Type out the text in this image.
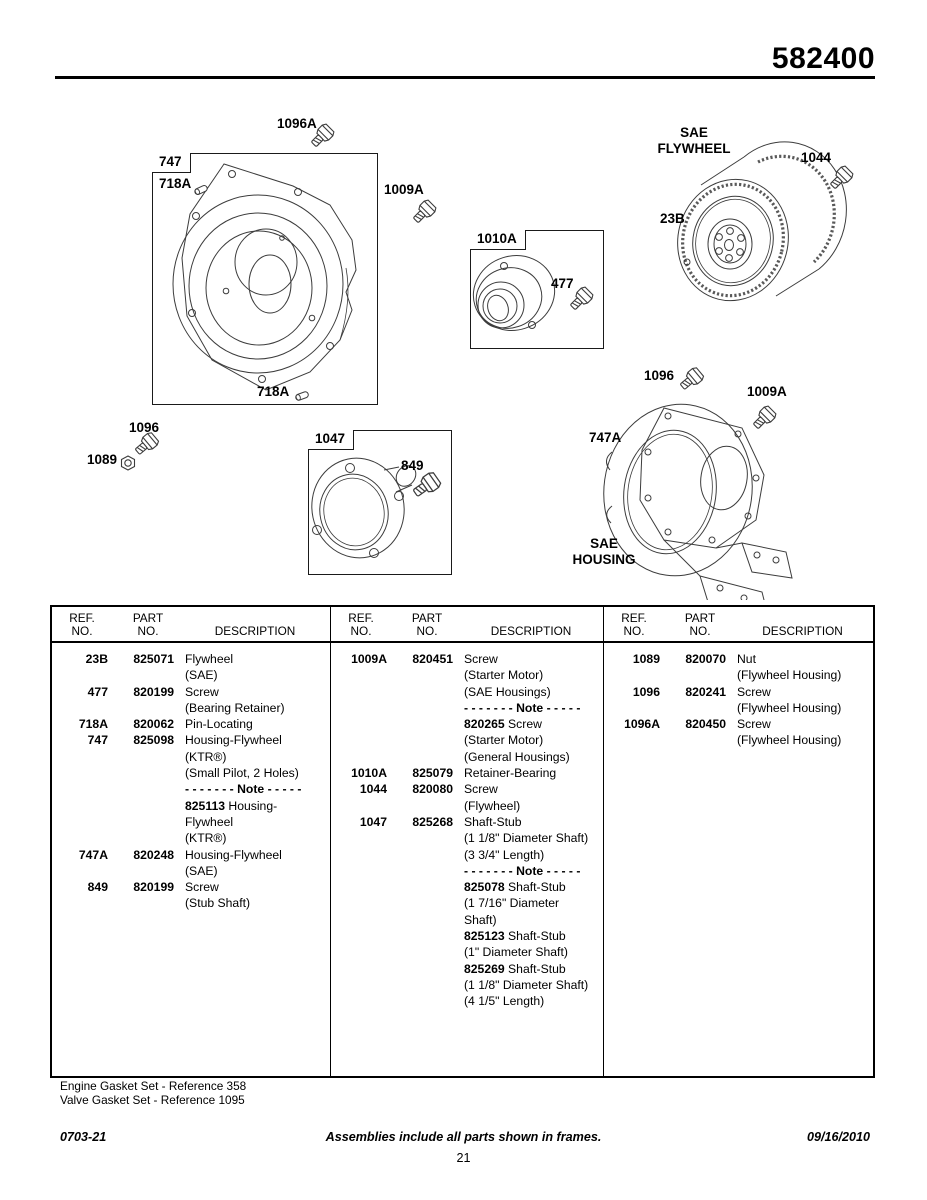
582400
747
1010A
1047
1096A
718A	1009A
718A
477
SAE
FLYWHEEL
1044
23B
1096
1009A
747A
SAE
HOUSING
1096
1089	849
REF.
NO.
PART
NO.	DESCRIPTION
23B	825071 Flywheel
(SAE)
477	820199 Screw
(Bearing Retainer)
718A	820062 Pin-Locating
747	825098 Housing-Flywheel
(KTR®)
(Small Pilot, 2 Holes)
- - - - - - - Note - - - - -
825113 Housing-
Flywheel
(KTR®)
747A	820248 Housing-Flywheel
(SAE)
849	820199 Screw
(Stub Shaft)
REF.
NO.
PART
NO.	DESCRIPTION
1009A	820451 Screw
(Starter Motor)
(SAE Housings)
- - - - - - - Note - - - - -
820265 Screw
(Starter Motor)
(General Housings)
1010A	825079 Retainer-Bearing
1044	820080 Screw
(Flywheel)
1047	825268 Shaft-Stub
(1 1/8" Diameter Shaft)
(3 3/4" Length)
- - - - - - - Note - - - - -
825078 Shaft-Stub
(1 7/16" Diameter
Shaft)
825123 Shaft-Stub
(1" Diameter Shaft)
825269 Shaft-Stub
(1 1/8" Diameter Shaft)
(4 1/5" Length)
REF.
NO.
PART
NO.	DESCRIPTION
1089	820070 Nut
(Flywheel Housing)
1096	820241 Screw
(Flywheel Housing)
1096A	820450 Screw
(Flywheel Housing)
Engine Gasket Set - Reference 358
Valve Gasket Set - Reference 1095
0703-21	Assemblies include all parts shown in frames.	09/16/2010
21
